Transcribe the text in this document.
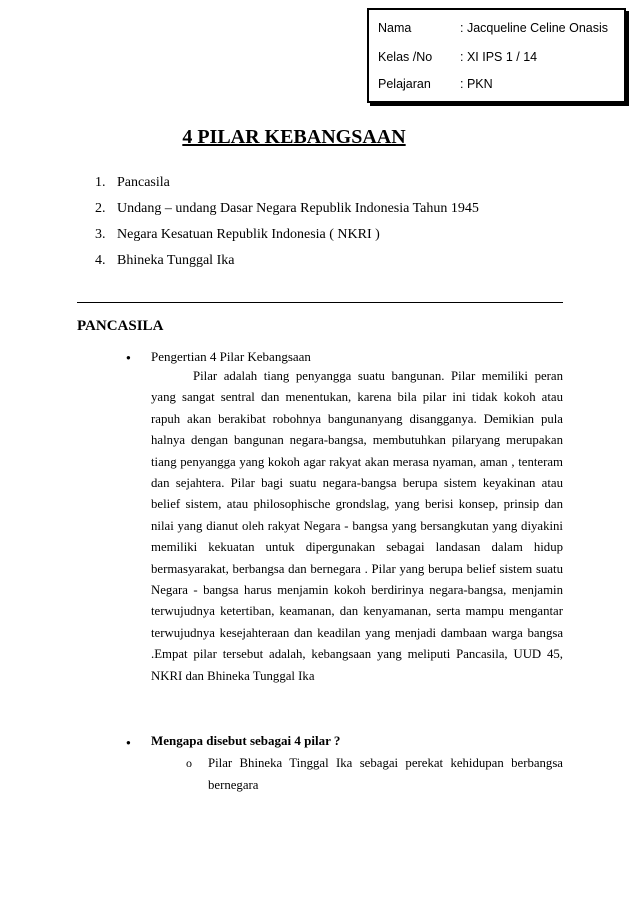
Nama	: Jacqueline Celine Onasis
Kelas /No : XI IPS 1 / 14
Pelajaran : PKN
4 PILAR KEBANGSAAN
1. Pancasila
2. Undang – undang Dasar Negara Republik Indonesia Tahun 1945
3. Negara Kesatuan Republik Indonesia ( NKRI )
4. Bhineka Tunggal Ika
PANCASILA
● Pengertian 4 Pilar Kebangsaan
Pilar adalah tiang penyangga suatu bangunan. Pilar memiliki peran yang sangat sentral dan menentukan, karena bila pilar ini tidak kokoh atau rapuh akan berakibat robohnya bangunanyang disangganya. Demikian pula halnya dengan bangunan negara-bangsa, membutuhkan pilaryang merupakan tiang penyangga yang kokoh agar rakyat akan merasa nyaman, aman , tenteram dan sejahtera. Pilar bagi suatu negara-bangsa berupa sistem keyakinan atau belief sistem, atau philosophische grondslag, yang berisi konsep, prinsip dan nilai yang dianut oleh rakyat Negara - bangsa yang bersangkutan yang diyakini memiliki kekuatan untuk dipergunakan sebagai landasan dalam hidup bermasyarakat, berbangsa dan bernegara . Pilar yang berupa belief sistem suatu Negara - bangsa harus menjamin kokoh berdirinya negara-bangsa, menjamin terwujudnya ketertiban, keamanan, dan kenyamanan, serta mampu mengantar terwujudnya kesejahteraan dan keadilan yang menjadi dambaan warga bangsa .Empat pilar tersebut adalah, kebangsaan yang meliputi Pancasila, UUD 45, NKRI dan Bhineka Tunggal Ika
● Mengapa disebut sebagai 4 pilar ?
o Pilar Bhineka Tinggal Ika sebagai perekat kehidupan berbangsa bernegara
